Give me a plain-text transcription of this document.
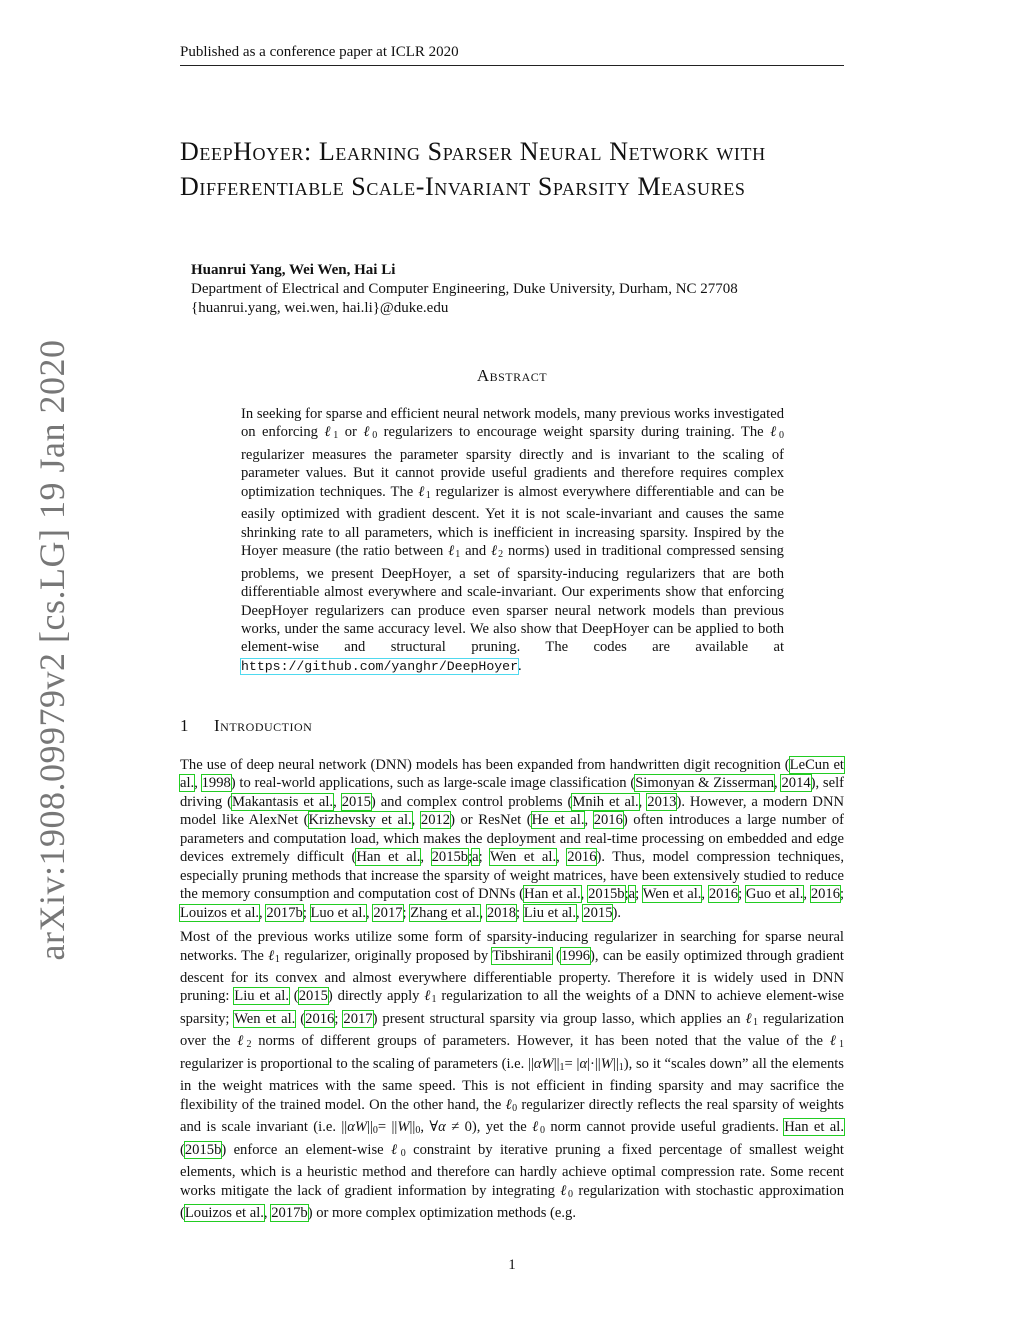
Published as a conference paper at ICLR 2020
arXiv:1908.09979v2 [cs.LG] 19 Jan 2020
DeepHoyer: Learning Sparser Neural Network with Differentiable Scale-Invariant Sparsity Measures
Huanrui Yang, Wei Wen, Hai Li
Department of Electrical and Computer Engineering, Duke University, Durham, NC 27708
{huanrui.yang, wei.wen, hai.li}@duke.edu
Abstract

In seeking for sparse and efficient neural network models, many previous works investigated on enforcing ℓ$_1$ or ℓ$_0$ regularizers to encourage weight sparsity during training. The ℓ$_0$ regularizer measures the parameter sparsity directly and is invariant to the scaling of parameter values. But it cannot provide useful gradients and therefore requires complex optimization techniques. The ℓ$_1$ regularizer is almost everywhere differentiable and can be easily optimized with gradient descent. Yet it is not scale-invariant and causes the same shrinking rate to all parameters, which is inefficient in increasing sparsity. Inspired by the Hoyer measure (the ratio between ℓ$_1$ and ℓ$_2$ norms) used in traditional compressed sensing problems, we present DeepHoyer, a set of sparsity-inducing regularizers that are both differentiable almost everywhere and scale-invariant. Our experiments show that enforcing DeepHoyer regularizers can produce even sparser neural network models than previous works, under the same accuracy level. We also show that DeepHoyer can be applied to both element-wise and structural pruning. The codes are available at https://github.com/yanghr/DeepHoyer.

1 Introduction

The use of deep neural network (DNN) models has been expanded from handwritten digit recognition (LeCun et al., 1998) to real-world applications, such as large-scale image classification (Simonyan & Zisserman, 2014), self driving (Makantasis et al., 2015) and complex control problems (Mnih et al., 2013). However, a modern DNN model like AlexNet (Krizhevsky et al., 2012) or ResNet (He et al., 2016) often introduces a large number of parameters and computation load, which makes the deployment and real-time processing on embedded and edge devices extremely difficult (Han et al., 2015b;a; Wen et al., 2016). Thus, model compression techniques, especially pruning methods that increase the sparsity of weight matrices, have been extensively studied to reduce the memory consumption and computation cost of DNNs (Han et al., 2015b;a; Wen et al., 2016; Guo et al., 2016; Louizos et al., 2017b; Luo et al., 2017; Zhang et al., 2018; Liu et al., 2015).

Most of the previous works utilize some form of sparsity-inducing regularizer in searching for sparse neural networks. The ℓ$_1$ regularizer, originally proposed by Tibshirani (1996), can be easily optimized through gradient descent for its convex and almost everywhere differentiable property. Therefore it is widely used in DNN pruning: Liu et al. (2015) directly apply ℓ$_1$ regularization to all the weights of a DNN to achieve element-wise sparsity; Wen et al. (2016; 2017) present structural sparsity via group lasso, which applies an ℓ$_1$ regularization over the ℓ$_2$ norms of different groups of parameters. However, it has been noted that the value of the ℓ$_1$ regularizer is proportional to the scaling of parameters (i.e. $||\alpha W||_1= |\alpha|\cdot||W||_1$), so it “scales down” all the elements in the weight matrices with the same speed. This is not efficient in finding sparsity and may sacrifice the flexibility of the trained model. On the other hand, the ℓ$_0$ regularizer directly reflects the real sparsity of weights and is scale invariant (i.e. $||\alpha W||_0= ||W||_0$, ∀α ≠ 0), yet the ℓ$_0$ norm cannot provide useful gradients. Han et al. (2015b) enforce an element-wise ℓ$_0$ constraint by iterative pruning a fixed percentage of smallest weight elements, which is a heuristic method and therefore can hardly achieve optimal compression rate. Some recent works mitigate the lack of gradient information by integrating ℓ$_0$ regularization with stochastic approximation (Louizos et al., 2017b) or more complex optimization methods (e.g.

1
